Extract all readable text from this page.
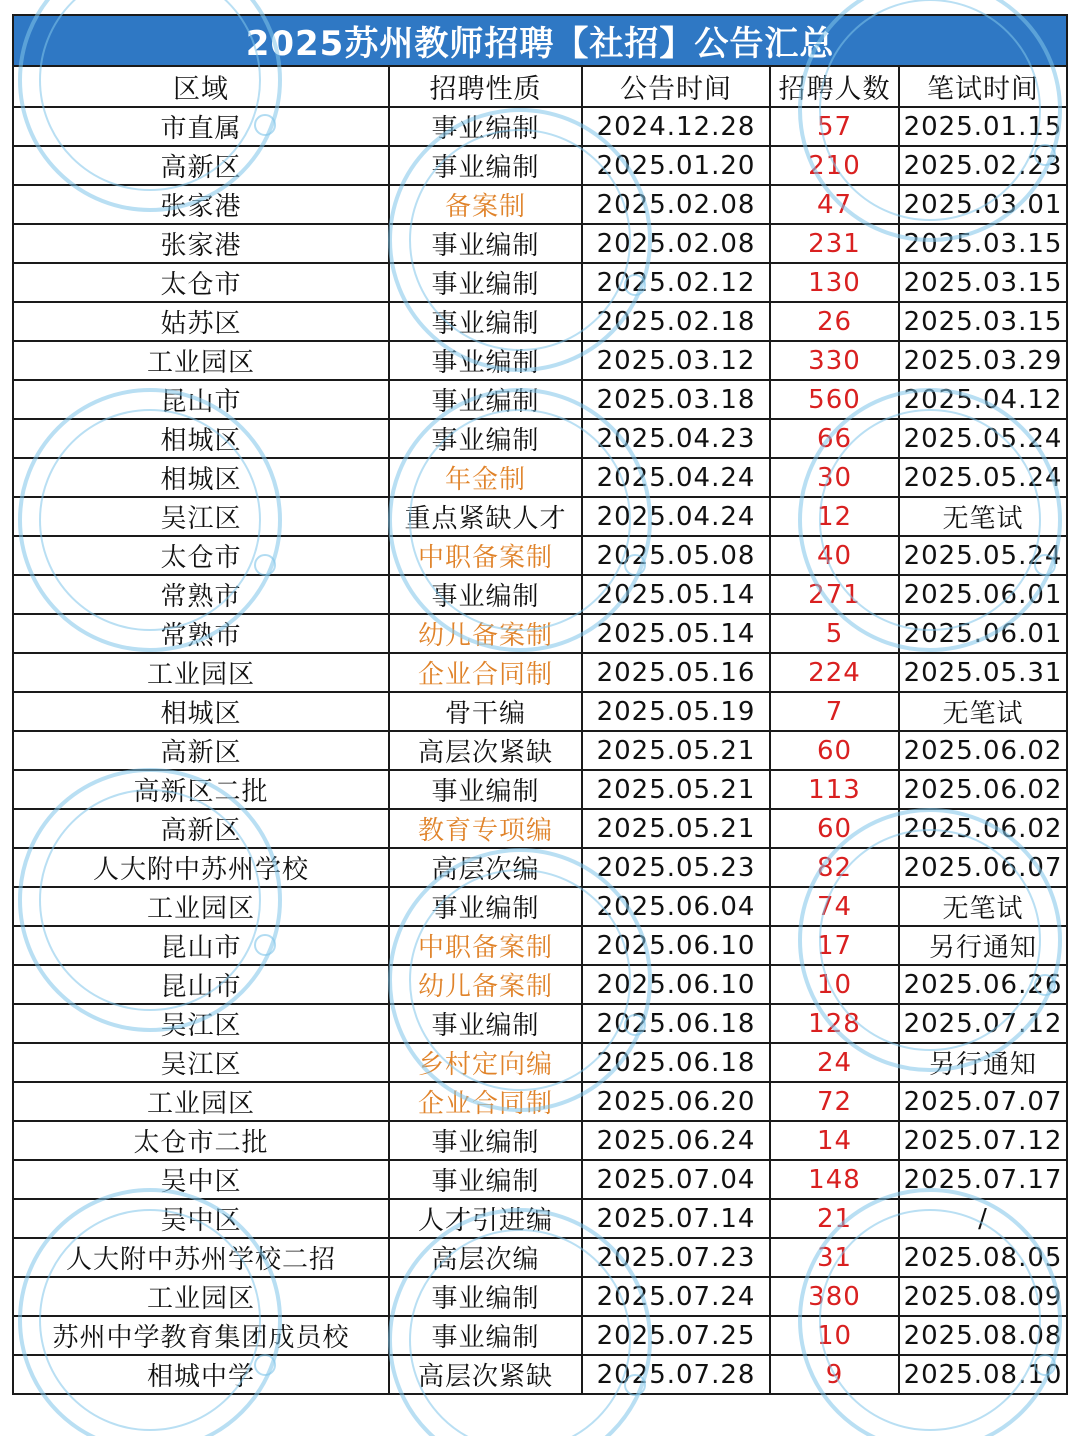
2025苏州教师招聘【社招】公告汇总				
区域	招聘性质	公告时间	招聘人数	笔试时间
市直属	事业编制	2024.12.28	57	2025.01.15
高新区	事业编制	2025.01.20	210	2025.02.23
张家港	备案制	2025.02.08	47	2025.03.01
张家港	事业编制	2025.02.08	231	2025.03.15
太仓市	事业编制	2025.02.12	130	2025.03.15
姑苏区	事业编制	2025.02.18	26	2025.03.15
工业园区	事业编制	2025.03.12	330	2025.03.29
昆山市	事业编制	2025.03.18	560	2025.04.12
相城区	事业编制	2025.04.23	66	2025.05.24
相城区	年金制	2025.04.24	30	2025.05.24
吴江区	重点紧缺人才	2025.04.24	12	无笔试
太仓市	中职备案制	2025.05.08	40	2025.05.24
常熟市	事业编制	2025.05.14	271	2025.06.01
常熟市	幼儿备案制	2025.05.14	5	2025.06.01
工业园区	企业合同制	2025.05.16	224	2025.05.31
相城区	骨干编	2025.05.19	7	无笔试
高新区	高层次紧缺	2025.05.21	60	2025.06.02
高新区二批	事业编制	2025.05.21	113	2025.06.02
高新区	教育专项编	2025.05.21	60	2025.06.02
人大附中苏州学校	高层次编	2025.05.23	82	2025.06.07
工业园区	事业编制	2025.06.04	74	无笔试
昆山市	中职备案制	2025.06.10	17	另行通知
昆山市	幼儿备案制	2025.06.10	10	2025.06.26
吴江区	事业编制	2025.06.18	128	2025.07.12
吴江区	乡村定向编	2025.06.18	24	另行通知
工业园区	企业合同制	2025.06.20	72	2025.07.07
太仓市二批	事业编制	2025.06.24	14	2025.07.12
吴中区	事业编制	2025.07.04	148	2025.07.17
吴中区	人才引进编	2025.07.14	21	/
人大附中苏州学校二招	高层次编	2025.07.23	31	2025.08.05
工业园区	事业编制	2025.07.24	380	2025.08.09
苏州中学教育集团成员校	事业编制	2025.07.25	10	2025.08.08
相城中学	高层次紧缺	2025.07.28	9	2025.08.10
